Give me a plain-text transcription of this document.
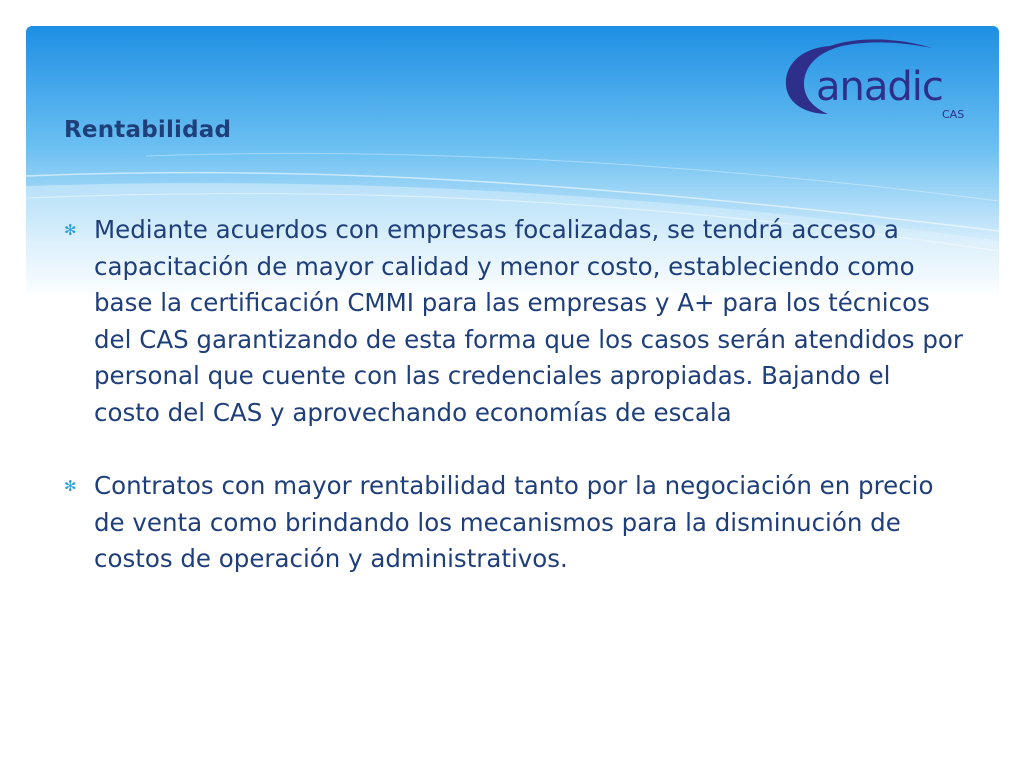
anadic
CAS
Rentabilidad
✻ Mediante acuerdos con empresas focalizadas, se tendrá acceso a capacitación de mayor calidad y menor costo, estableciendo como base la certificación CMMI para las empresas y A+ para los técnicos del CAS garantizando de esta forma que los casos serán atendidos por personal que cuente con las credenciales apropiadas. Bajando el costo del CAS y aprovechando economías de escala
✻ Contratos con mayor rentabilidad tanto por la negociación en precio de venta como brindando los mecanismos para la disminución de costos de operación y administrativos.
